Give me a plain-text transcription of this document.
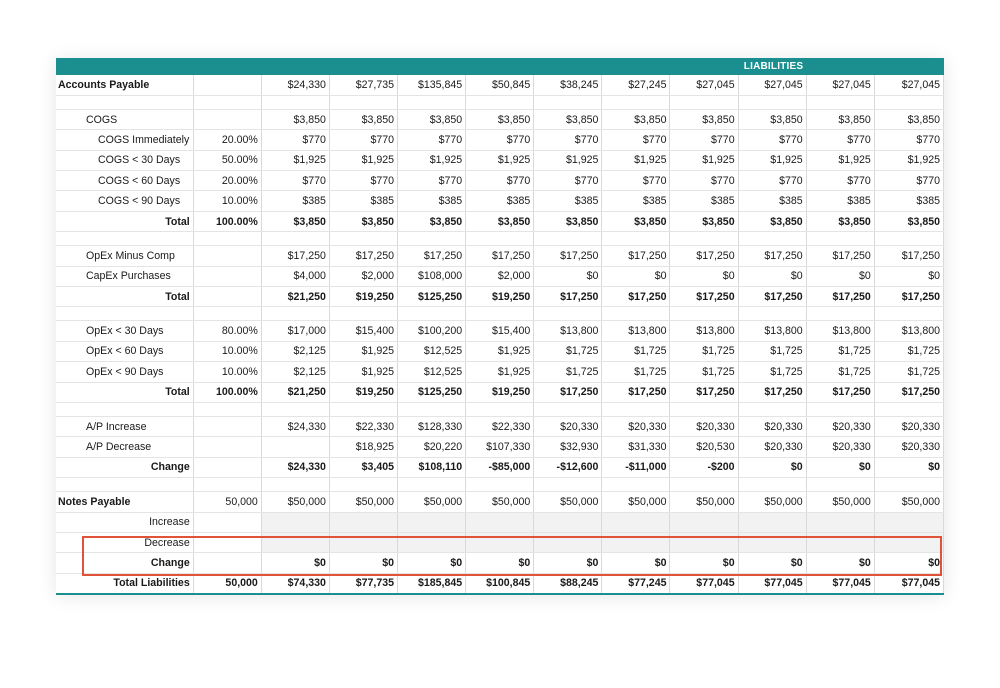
LIABILITIES
Accounts Payable		$24,330	$27,735	$135,845	$50,845	$38,245	$27,245	$27,045	$27,045	$27,045	$27,045

COGS		$3,850	$3,850	$3,850	$3,850	$3,850	$3,850	$3,850	$3,850	$3,850	$3,850
COGS Immediately	20.00%	$770	$770	$770	$770	$770	$770	$770	$770	$770	$770
COGS < 30 Days	50.00%	$1,925	$1,925	$1,925	$1,925	$1,925	$1,925	$1,925	$1,925	$1,925	$1,925
COGS < 60 Days	20.00%	$770	$770	$770	$770	$770	$770	$770	$770	$770	$770
COGS < 90 Days	10.00%	$385	$385	$385	$385	$385	$385	$385	$385	$385	$385
Total	100.00%	$3,850	$3,850	$3,850	$3,850	$3,850	$3,850	$3,850	$3,850	$3,850	$3,850

OpEx Minus Comp		$17,250	$17,250	$17,250	$17,250	$17,250	$17,250	$17,250	$17,250	$17,250	$17,250
CapEx Purchases		$4,000	$2,000	$108,000	$2,000	$0	$0	$0	$0	$0	$0
Total		$21,250	$19,250	$125,250	$19,250	$17,250	$17,250	$17,250	$17,250	$17,250	$17,250

OpEx < 30 Days	80.00%	$17,000	$15,400	$100,200	$15,400	$13,800	$13,800	$13,800	$13,800	$13,800	$13,800
OpEx < 60 Days	10.00%	$2,125	$1,925	$12,525	$1,925	$1,725	$1,725	$1,725	$1,725	$1,725	$1,725
OpEx < 90 Days	10.00%	$2,125	$1,925	$12,525	$1,925	$1,725	$1,725	$1,725	$1,725	$1,725	$1,725
Total	100.00%	$21,250	$19,250	$125,250	$19,250	$17,250	$17,250	$17,250	$17,250	$17,250	$17,250

A/P Increase		$24,330	$22,330	$128,330	$22,330	$20,330	$20,330	$20,330	$20,330	$20,330	$20,330
A/P Decrease			$18,925	$20,220	$107,330	$32,930	$31,330	$20,530	$20,330	$20,330	$20,330
Change		$24,330	$3,405	$108,110	-$85,000	-$12,600	-$11,000	-$200	$0	$0	$0

Notes Payable	50,000	$50,000	$50,000	$50,000	$50,000	$50,000	$50,000	$50,000	$50,000	$50,000	$50,000
Increase											
Decrease											
Change		$0	$0	$0	$0	$0	$0	$0	$0	$0	$0
Total Liabilities	50,000	$74,330	$77,735	$185,845	$100,845	$88,245	$77,245	$77,045	$77,045	$77,045	$77,045
